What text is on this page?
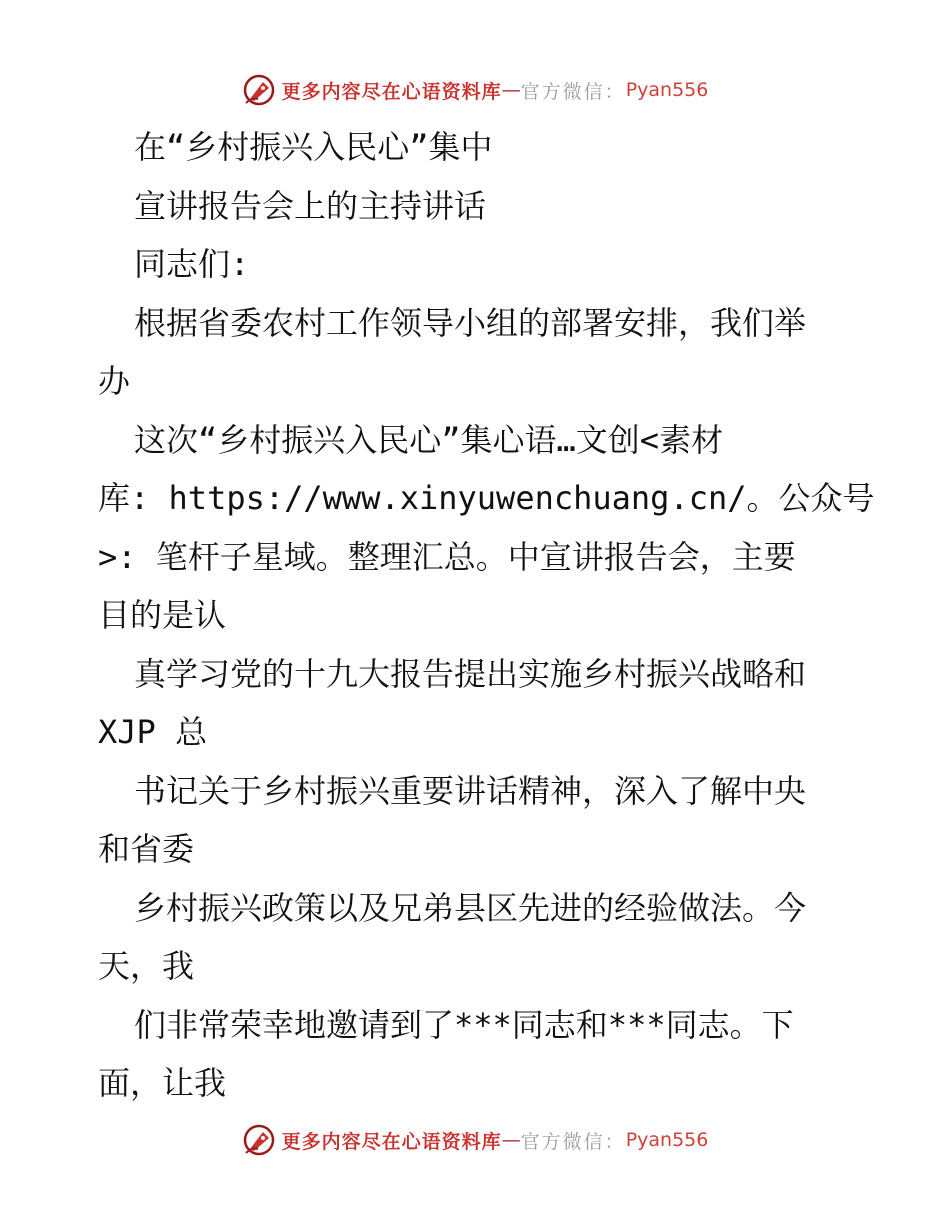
更多内容尽在心语资料库 — 官方微信： Pyan556
在“乡村振兴入民心”集中
宣讲报告会上的主持讲话
同志们:
根据省委农村工作领导小组的部署安排，我们举
办
这次“乡村振兴入民心”集心语…文创<素材
库: https://www.xinyuwenchuang.cn/。公众号
>: 笔杆子星域。整理汇总。中宣讲报告会，主要
目的是认
真学习党的十九大报告提出实施乡村振兴战略和
XJP 总
书记关于乡村振兴重要讲话精神，深入了解中央
和省委
乡村振兴政策以及兄弟县区先进的经验做法。今
天，我
们非常荣幸地邀请到了***同志和***同志。下
面，让我
更多内容尽在心语资料库 — 官方微信： Pyan556
